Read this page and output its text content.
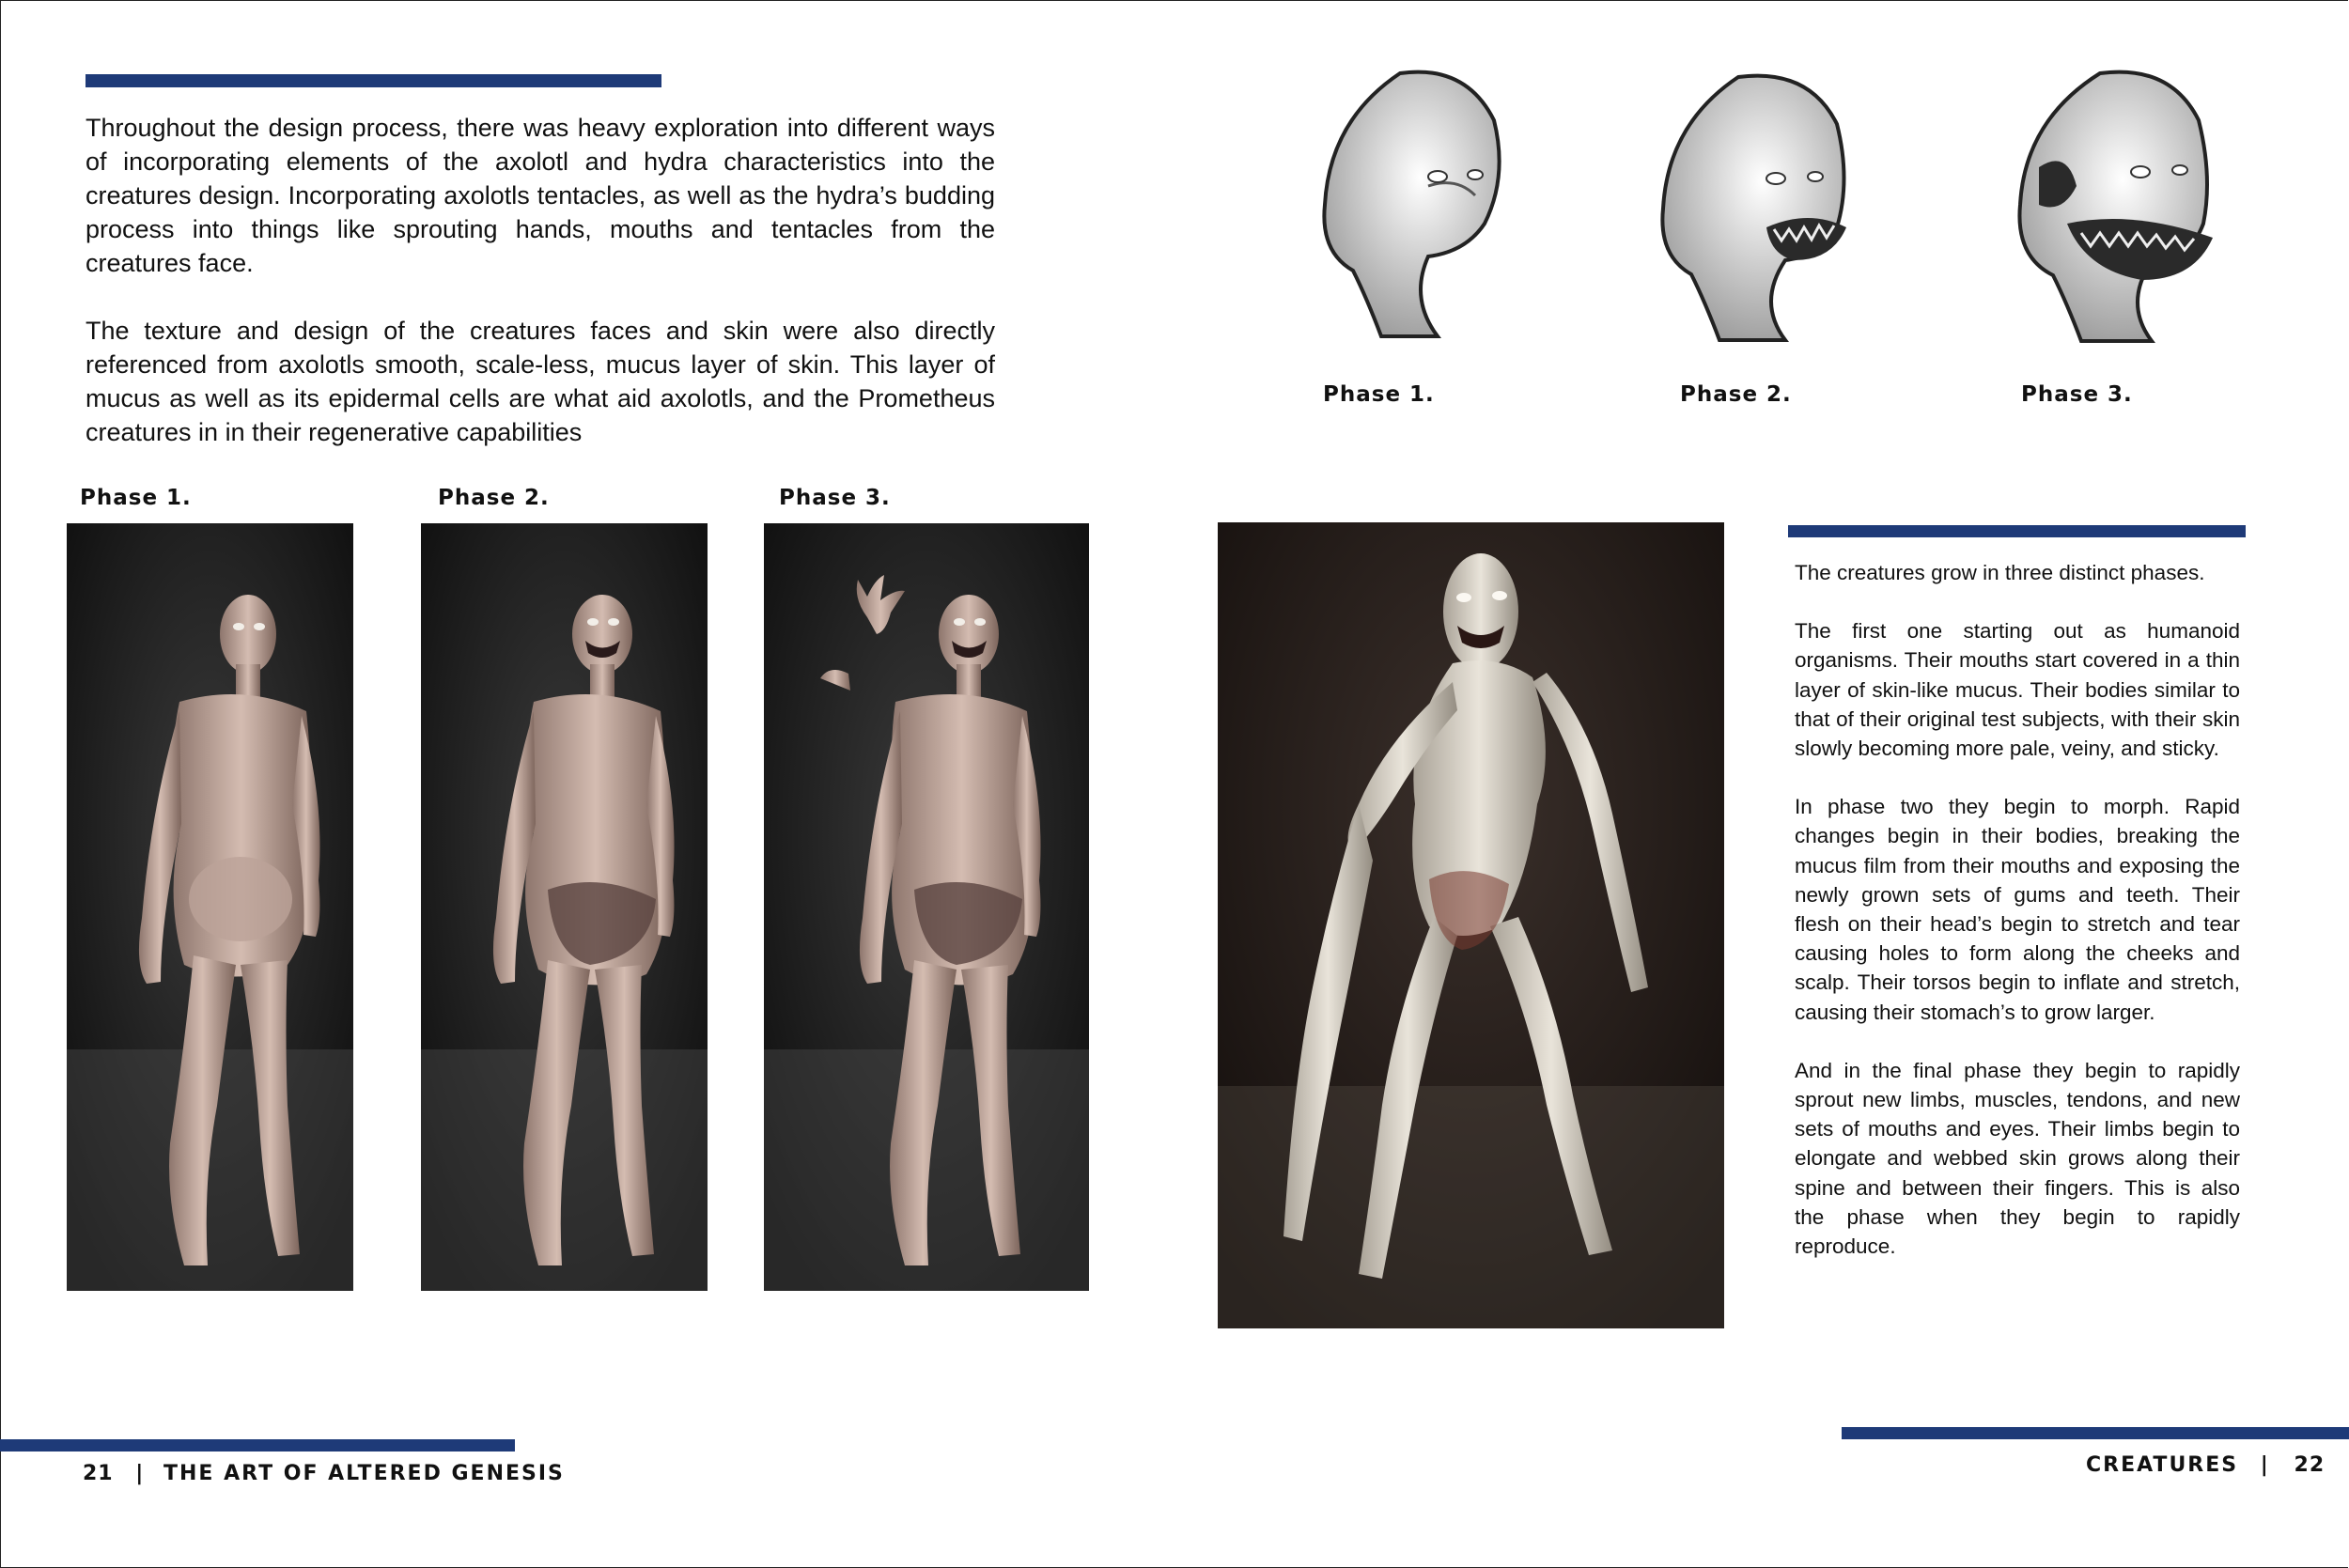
Throughout the design process, there was heavy exploration into different ways of incorporating elements of the axolotl and hydra characteristics into the creatures design. Incorporating axolotls tentacles, as well as the hydra’s budding process into things like sprouting hands, mouths and tentacles from the creatures face.

The texture and design of the creatures faces and skin were also directly referenced from axolotls smooth, scale-less, mucus layer of skin. This layer of mucus as well as its epidermal cells are what aid axolotls, and the Prometheus creatures in in their regenerative capabilities

Phase 1.	Phase 2.	Phase 3.
21 | THE ART OF ALTERED GENESIS
Phase 1.	Phase 2.	Phase 3.

The creatures grow in three distinct phases.

The first one starting out as humanoid organisms. Their mouths start covered in a thin layer of skin-like mucus. Their bodies similar to that of their original test subjects, with their skin slowly becoming more pale, veiny, and sticky.

In phase two they begin to morph. Rapid changes begin in their bodies, breaking the mucus film from their mouths and exposing the newly grown sets of gums and teeth. Their flesh on their head’s begin to stretch and tear causing holes to form along the cheeks and scalp. Their torsos begin to inflate and stretch, causing their stomach’s to grow larger.

And in the final phase they begin to rapidly sprout new limbs, muscles, tendons, and new sets of mouths and eyes. Their limbs begin to elongate and webbed skin grows along their spine and between their fingers. This is also the phase when they begin to rapidly reproduce.

CREATURES | 22
